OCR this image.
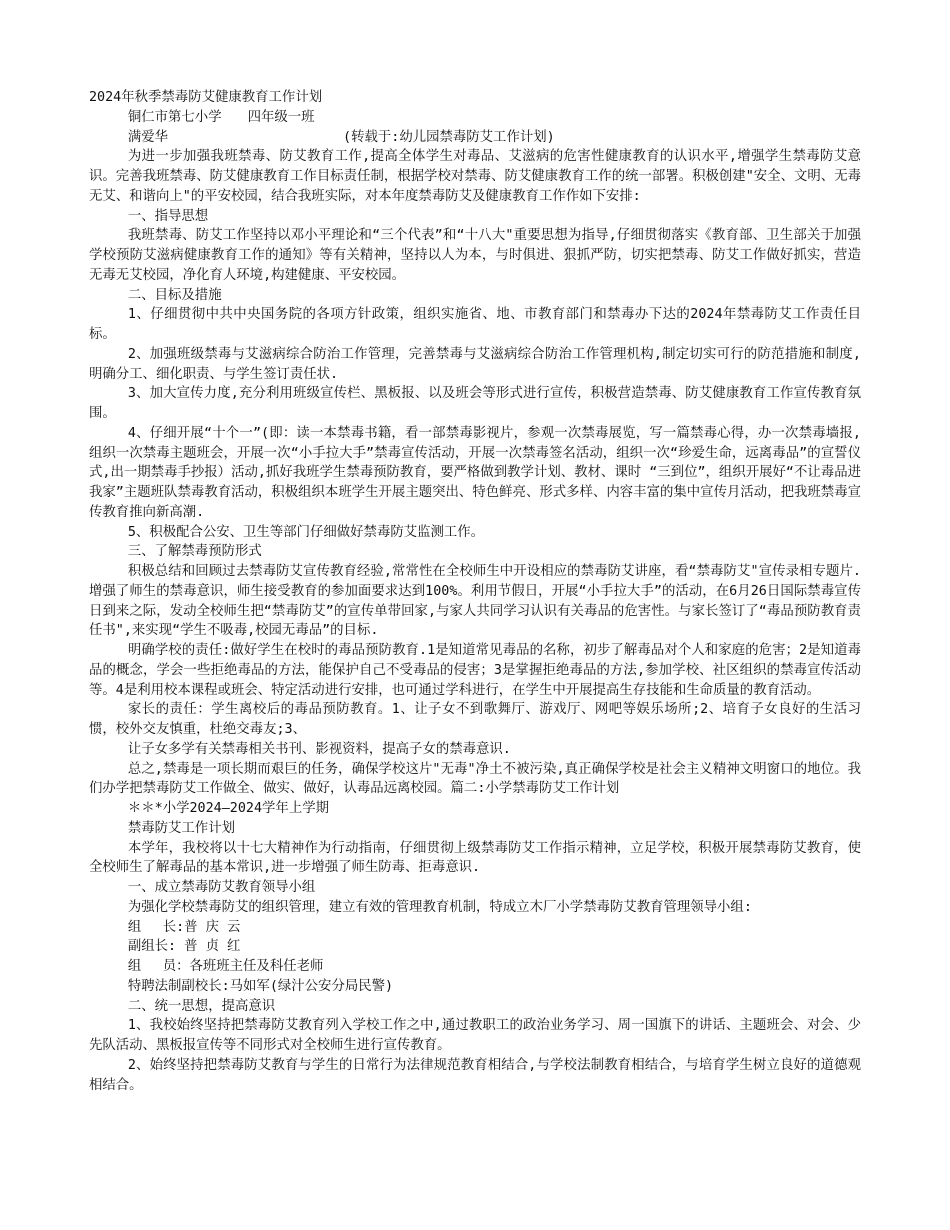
2024年秋季禁毒防艾健康教育工作计划

铜仁市第七小学 四年级一班

满爱华	(转载于:幼儿园禁毒防艾工作计划)

为进一步加强我班禁毒、防艾教育工作,提高全体学生对毒品、艾滋病的危害性健康教育的认识水平,增强学生禁毒防艾意识。完善我班禁毒、防艾健康教育工作目标责任制，根据学校对禁毒、防艾健康教育工作的统一部署。积极创建"安全、文明、无毒无艾、和谐向上"的平安校园，结合我班实际，对本年度禁毒防艾及健康教育工作作如下安排:

一、指导思想

我班禁毒、防艾工作坚持以邓小平理论和“三个代表”和“十八大"重要思想为指导,仔细贯彻落实《教育部、卫生部关于加强学校预防艾滋病健康教育工作的通知》等有关精神，坚持以人为本，与时俱进、狠抓严防，切实把禁毒、防艾工作做好抓实，营造无毒无艾校园，净化育人环境,构建健康、平安校园。

二、目标及措施

1、仔细贯彻中共中央国务院的各项方针政策，组织实施省、地、市教育部门和禁毒办下达的2024年禁毒防艾工作责任目标。

2、加强班级禁毒与艾滋病综合防治工作管理，完善禁毒与艾滋病综合防治工作管理机构,制定切实可行的防范措施和制度,明确分工、细化职责、与学生签订责任状.

3、加大宣传力度,充分利用班级宣传栏、黑板报、以及班会等形式进行宣传，积极营造禁毒、防艾健康教育工作宣传教育氛围。

4、仔细开展“十个一”(即：读一本禁毒书籍，看一部禁毒影视片，参观一次禁毒展览，写一篇禁毒心得，办一次禁毒墙报,组织一次禁毒主题班会，开展一次“小手拉大手”禁毒宣传活动，开展一次禁毒签名活动，组织一次“珍爱生命，远离毒品”的宣誓仪式,出一期禁毒手抄报）活动,抓好我班学生禁毒预防教育，要严格做到教学计划、教材、课时 “三到位”，组织开展好“不让毒品进我家”主题班队禁毒教育活动，积极组织本班学生开展主题突出、特色鲜亮、形式多样、内容丰富的集中宣传月活动，把我班禁毒宣传教育推向新高潮.

5、积极配合公安、卫生等部门仔细做好禁毒防艾监测工作。

三、了解禁毒预防形式

积极总结和回顾过去禁毒防艾宣传教育经验,常常性在全校师生中开设相应的禁毒防艾讲座，看“禁毒防艾"宣传录相专题片.增强了师生的禁毒意识，师生接受教育的参加面要求达到100%。利用节假日，开展“小手拉大手”的活动，在6月26日国际禁毒宣传日到来之际，发动全校师生把“禁毒防艾”的宣传单带回家,与家人共同学习认识有关毒品的危害性。与家长签订了“毒品预防教育责任书",来实现“学生不吸毒,校园无毒品”的目标.

明确学校的责任:做好学生在校时的毒品预防教育.1是知道常见毒品的名称，初步了解毒品对个人和家庭的危害；2是知道毒品的概念，学会一些拒绝毒品的方法，能保护自己不受毒品的侵害；3是掌握拒绝毒品的方法,参加学校、社区组织的禁毒宣传活动等。4是利用校本课程或班会、特定活动进行安排，也可通过学科进行，在学生中开展提高生存技能和生命质量的教育活动。

家长的责任：学生离校后的毒品预防教育。1、让子女不到歌舞厅、游戏厅、网吧等娱乐场所;2、培育子女良好的生活习惯，校外交友慎重，杜绝交毒友;3、

让子女多学有关禁毒相关书刊、影视资料，提高子女的禁毒意识.

总之,禁毒是一项长期而艰巨的任务，确保学校这片"无毒"净土不被污染,真正确保学校是社会主义精神文明窗口的地位。我们办学把禁毒防艾工作做全、做实、做好，认毒品远离校园。篇二:小学禁毒防艾工作计划

＊＊*小学2024—2024学年上学期

禁毒防艾工作计划

本学年，我校将以十七大精神作为行动指南，仔细贯彻上级禁毒防艾工作指示精神，立足学校，积极开展禁毒防艾教育，使全校师生了解毒品的基本常识,进一步增强了师生防毒、拒毒意识.

一、成立禁毒防艾教育领导小组

为强化学校禁毒防艾的组织管理，建立有效的管理教育机制，特成立木厂小学禁毒防艾教育管理领导小组:

组　 长:普 庆 云

副组长: 普 贞 红

组　 员：各班班主任及科任老师

特聘法制副校长:马如军(绿汁公安分局民警)

二、统一思想，提高意识

1、我校始终坚持把禁毒防艾教育列入学校工作之中,通过教职工的政治业务学习、周一国旗下的讲话、主题班会、对会、少先队活动、黑板报宣传等不同形式对全校师生进行宣传教育。

2、始终坚持把禁毒防艾教育与学生的日常行为法律规范教育相结合,与学校法制教育相结合，与培育学生树立良好的道德观相结合。
